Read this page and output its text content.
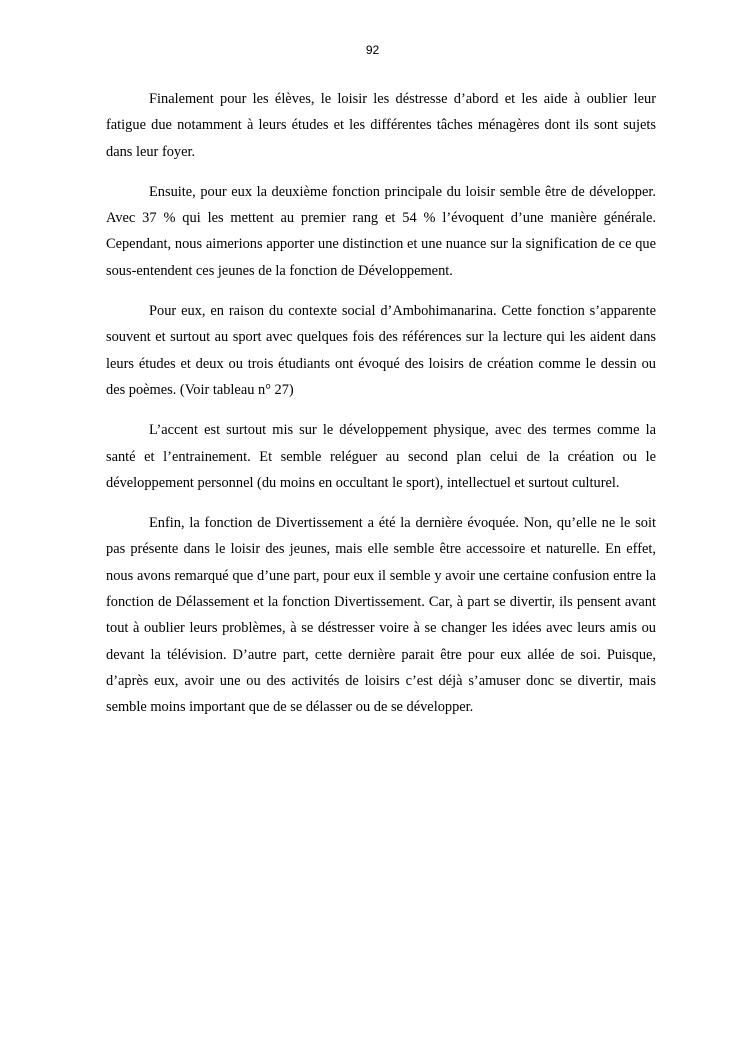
92

Finalement pour les élèves, le loisir les déstresse d’abord et les aide à oublier leur fatigue due notamment à leurs études et les différentes tâches ménagères dont ils sont sujets dans leur foyer.

Ensuite, pour eux la deuxième fonction principale du loisir semble être de développer. Avec 37 % qui les mettent au premier rang et 54 % l’évoquent d’une manière générale. Cependant, nous aimerions apporter une distinction et une nuance sur la signification de ce que sous-entendent ces jeunes de la fonction de Développement.

Pour eux, en raison du contexte social d’Ambohimanarina. Cette fonction s’apparente souvent et surtout au sport avec quelques fois des références sur la lecture qui les aident dans leurs études et deux ou trois étudiants ont évoqué des loisirs de création comme le dessin ou des poèmes. (Voir tableau n° 27)

L’accent est surtout mis sur le développement physique, avec des termes comme la santé et l’entrainement. Et semble reléguer au second plan celui de la création ou le développement personnel (du moins en occultant le sport), intellectuel et surtout culturel.

Enfin, la fonction de Divertissement a été la dernière évoquée. Non, qu’elle ne le soit pas présente dans le loisir des jeunes, mais elle semble être accessoire et naturelle. En effet, nous avons remarqué que d’une part, pour eux il semble y avoir une certaine confusion entre la fonction de Délassement et la fonction Divertissement. Car, à part se divertir, ils pensent avant tout à oublier leurs problèmes, à se déstresser voire à se changer les idées avec leurs amis ou devant la télévision. D’autre part, cette dernière parait être pour eux allée de soi. Puisque, d’après eux, avoir une ou des activités de loisirs c’est déjà s’amuser donc se divertir, mais semble moins important que de se délasser ou de se développer.
